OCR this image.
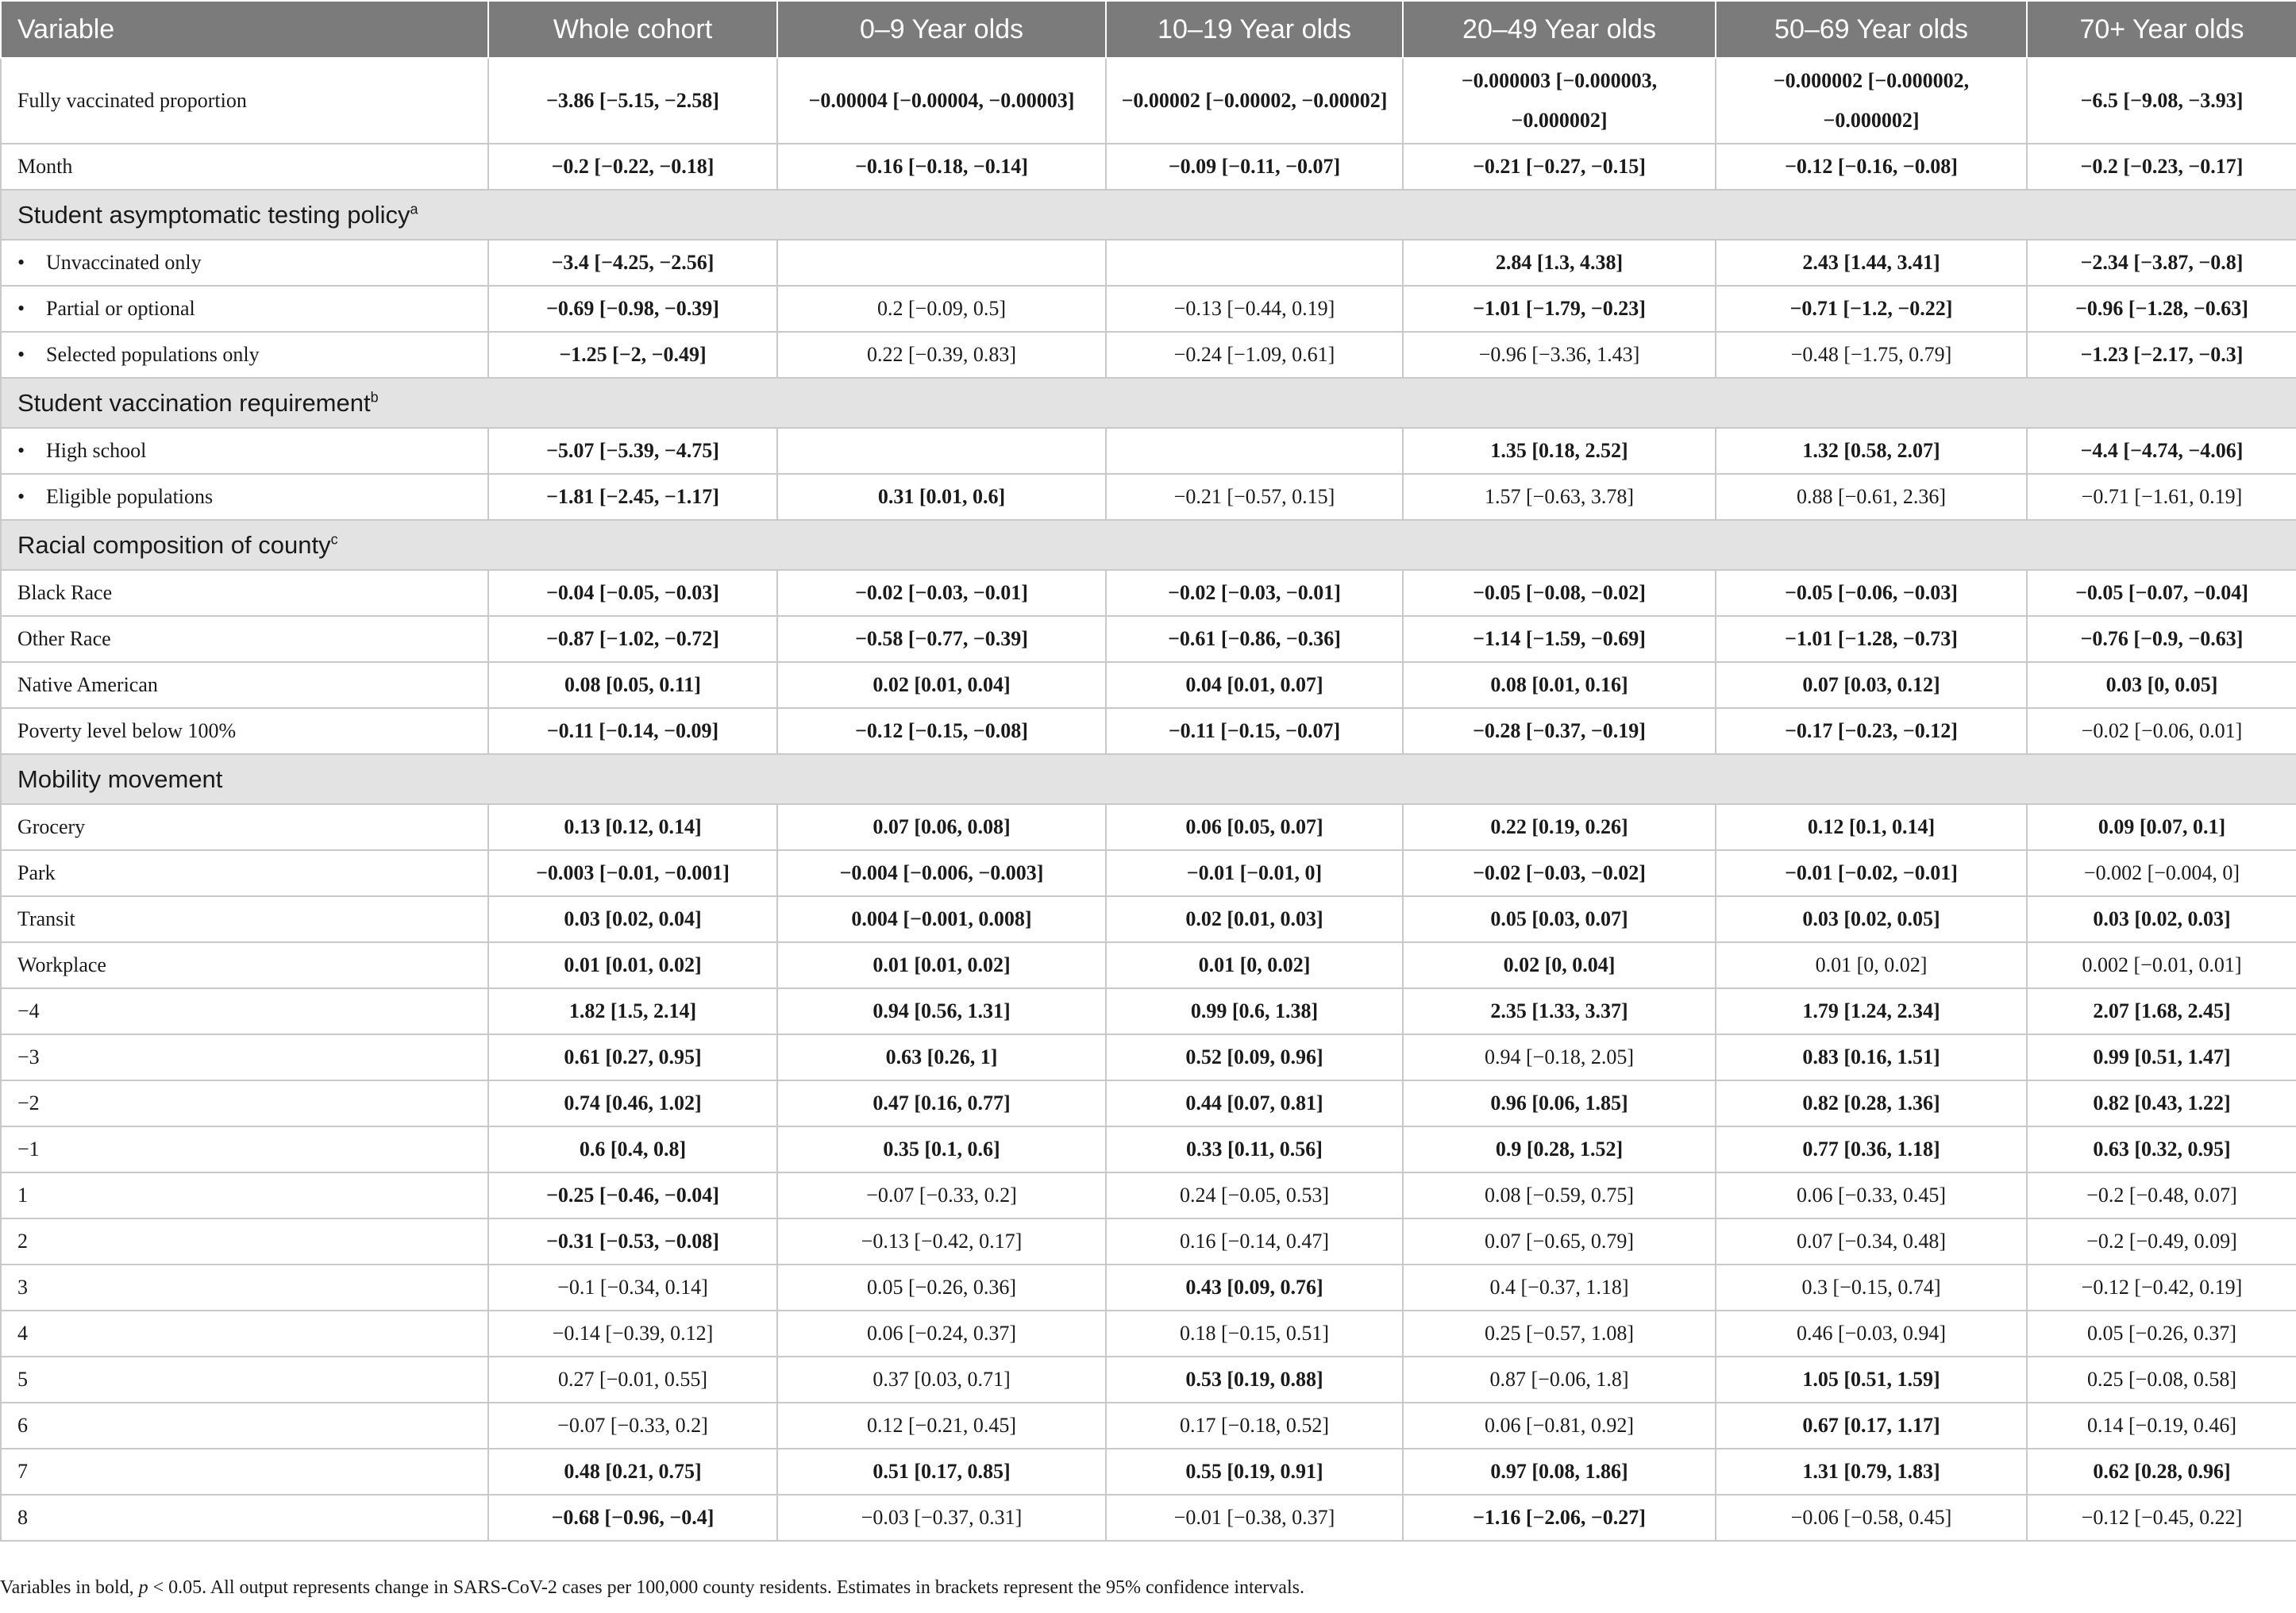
Variable	Whole cohort	0–9 Year olds	10–19 Year olds	20–49 Year olds	50–69 Year olds	70+ Year olds
Fully vaccinated proportion	−3.86 [−5.15, −2.58]	−0.00004 [−0.00004, −0.00003]	−0.00002 [−0.00002, −0.00002]	−0.000003 [−0.000003, −0.000002]	−0.000002 [−0.000002, −0.000002]	−6.5 [−9.08, −3.93]
Month	−0.2 [−0.22, −0.18]	−0.16 [−0.18, −0.14]	−0.09 [−0.11, −0.07]	−0.21 [−0.27, −0.15]	−0.12 [−0.16, −0.08]	−0.2 [−0.23, −0.17]
Student asymptomatic testing policy$^a$
• Unvaccinated only	−3.4 [−4.25, −2.56]			2.84 [1.3, 4.38]	2.43 [1.44, 3.41]	−2.34 [−3.87, −0.8]
• Partial or optional	−0.69 [−0.98, −0.39]	0.2 [−0.09, 0.5]	−0.13 [−0.44, 0.19]	−1.01 [−1.79, −0.23]	−0.71 [−1.2, −0.22]	−0.96 [−1.28, −0.63]
• Selected populations only	−1.25 [−2, −0.49]	0.22 [−0.39, 0.83]	−0.24 [−1.09, 0.61]	−0.96 [−3.36, 1.43]	−0.48 [−1.75, 0.79]	−1.23 [−2.17, −0.3]
Student vaccination requirement$^b$
• High school	−5.07 [−5.39, −4.75]			1.35 [0.18, 2.52]	1.32 [0.58, 2.07]	−4.4 [−4.74, −4.06]
• Eligible populations	−1.81 [−2.45, −1.17]	0.31 [0.01, 0.6]	−0.21 [−0.57, 0.15]	1.57 [−0.63, 3.78]	0.88 [−0.61, 2.36]	−0.71 [−1.61, 0.19]
Racial composition of county$^c$
Black Race	−0.04 [−0.05, −0.03]	−0.02 [−0.03, −0.01]	−0.02 [−0.03, −0.01]	−0.05 [−0.08, −0.02]	−0.05 [−0.06, −0.03]	−0.05 [−0.07, −0.04]
Other Race	−0.87 [−1.02, −0.72]	−0.58 [−0.77, −0.39]	−0.61 [−0.86, −0.36]	−1.14 [−1.59, −0.69]	−1.01 [−1.28, −0.73]	−0.76 [−0.9, −0.63]
Native American	0.08 [0.05, 0.11]	0.02 [0.01, 0.04]	0.04 [0.01, 0.07]	0.08 [0.01, 0.16]	0.07 [0.03, 0.12]	0.03 [0, 0.05]
Poverty level below 100%	−0.11 [−0.14, −0.09]	−0.12 [−0.15, −0.08]	−0.11 [−0.15, −0.07]	−0.28 [−0.37, −0.19]	−0.17 [−0.23, −0.12]	−0.02 [−0.06, 0.01]
Mobility movement						
Grocery	0.13 [0.12, 0.14]	0.07 [0.06, 0.08]	0.06 [0.05, 0.07]	0.22 [0.19, 0.26]	0.12 [0.1, 0.14]	0.09 [0.07, 0.1]
Park	−0.003 [−0.01, −0.001]	−0.004 [−0.006, −0.003]	−0.01 [−0.01, 0]	−0.02 [−0.03, −0.02]	−0.01 [−0.02, −0.01]	−0.002 [−0.004, 0]
Transit	0.03 [0.02, 0.04]	0.004 [−0.001, 0.008]	0.02 [0.01, 0.03]	0.05 [0.03, 0.07]	0.03 [0.02, 0.05]	0.03 [0.02, 0.03]
Workplace	0.01 [0.01, 0.02]	0.01 [0.01, 0.02]	0.01 [0, 0.02]	0.02 [0, 0.04]	0.01 [0, 0.02]	0.002 [−0.01, 0.01]
−4	1.82 [1.5, 2.14]	0.94 [0.56, 1.31]	0.99 [0.6, 1.38]	2.35 [1.33, 3.37]	1.79 [1.24, 2.34]	2.07 [1.68, 2.45]
−3	0.61 [0.27, 0.95]	0.63 [0.26, 1]	0.52 [0.09, 0.96]	0.94 [−0.18, 2.05]	0.83 [0.16, 1.51]	0.99 [0.51, 1.47]
−2	0.74 [0.46, 1.02]	0.47 [0.16, 0.77]	0.44 [0.07, 0.81]	0.96 [0.06, 1.85]	0.82 [0.28, 1.36]	0.82 [0.43, 1.22]
−1	0.6 [0.4, 0.8]	0.35 [0.1, 0.6]	0.33 [0.11, 0.56]	0.9 [0.28, 1.52]	0.77 [0.36, 1.18]	0.63 [0.32, 0.95]
1	−0.25 [−0.46, −0.04]	−0.07 [−0.33, 0.2]	0.24 [−0.05, 0.53]	0.08 [−0.59, 0.75]	0.06 [−0.33, 0.45]	−0.2 [−0.48, 0.07]
2	−0.31 [−0.53, −0.08]	−0.13 [−0.42, 0.17]	0.16 [−0.14, 0.47]	0.07 [−0.65, 0.79]	0.07 [−0.34, 0.48]	−0.2 [−0.49, 0.09]
3	−0.1 [−0.34, 0.14]	0.05 [−0.26, 0.36]	0.43 [0.09, 0.76]	0.4 [−0.37, 1.18]	0.3 [−0.15, 0.74]	−0.12 [−0.42, 0.19]
4	−0.14 [−0.39, 0.12]	0.06 [−0.24, 0.37]	0.18 [−0.15, 0.51]	0.25 [−0.57, 1.08]	0.46 [−0.03, 0.94]	0.05 [−0.26, 0.37]
5	0.27 [−0.01, 0.55]	0.37 [0.03, 0.71]	0.53 [0.19, 0.88]	0.87 [−0.06, 1.8]	1.05 [0.51, 1.59]	0.25 [−0.08, 0.58]
6	−0.07 [−0.33, 0.2]	0.12 [−0.21, 0.45]	0.17 [−0.18, 0.52]	0.06 [−0.81, 0.92]	0.67 [0.17, 1.17]	0.14 [−0.19, 0.46]
7	0.48 [0.21, 0.75]	0.51 [0.17, 0.85]	0.55 [0.19, 0.91]	0.97 [0.08, 1.86]	1.31 [0.79, 1.83]	0.62 [0.28, 0.96]
8	−0.68 [−0.96, −0.4]	−0.03 [−0.37, 0.31]	−0.01 [−0.38, 0.37]	−1.16 [−2.06, −0.27]	−0.06 [−0.58, 0.45]	−0.12 [−0.45, 0.22]
Variables in bold, p < 0.05. All output represents change in SARS-CoV-2 cases per 100,000 county residents. Estimates in brackets represent the 95% confidence intervals.
